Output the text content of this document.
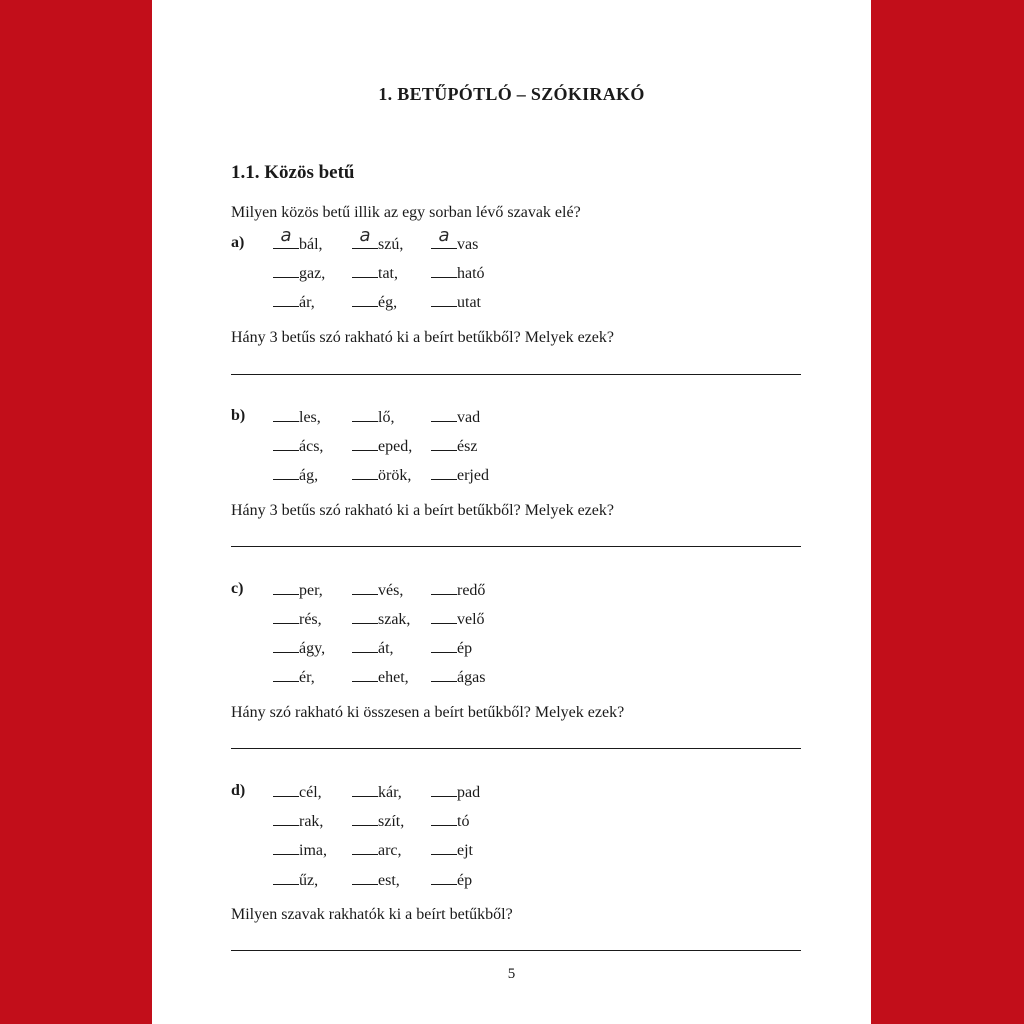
1. BETŰPÓTLÓ – SZÓKIRAKÓ
1.1. Közös betű
Milyen közös betű illik az egy sorban lévő szavak elé?
a)	a bál,	a szú,	a vas
gaz,	tat,	ható
ár,	ég,	utat
Hány 3 betűs szó rakható ki a beírt betűkből? Melyek ezek?
b)	les,	lő,	vad
ács,	eped,	ész
ág,	örök,	erjed
Hány 3 betűs szó rakható ki a beírt betűkből? Melyek ezek?
c)	per,	vés,	redő
rés,	szak,	velő
ágy,	át,	ép
ér,	ehet,	ágas
Hány szó rakható ki összesen a beírt betűkből? Melyek ezek?
d)	cél,	kár,	pad
rak,	szít,	tó
ima,	arc,	ejt
űz,	est,	ép
Milyen szavak rakhatók ki a beírt betűkből?
5
